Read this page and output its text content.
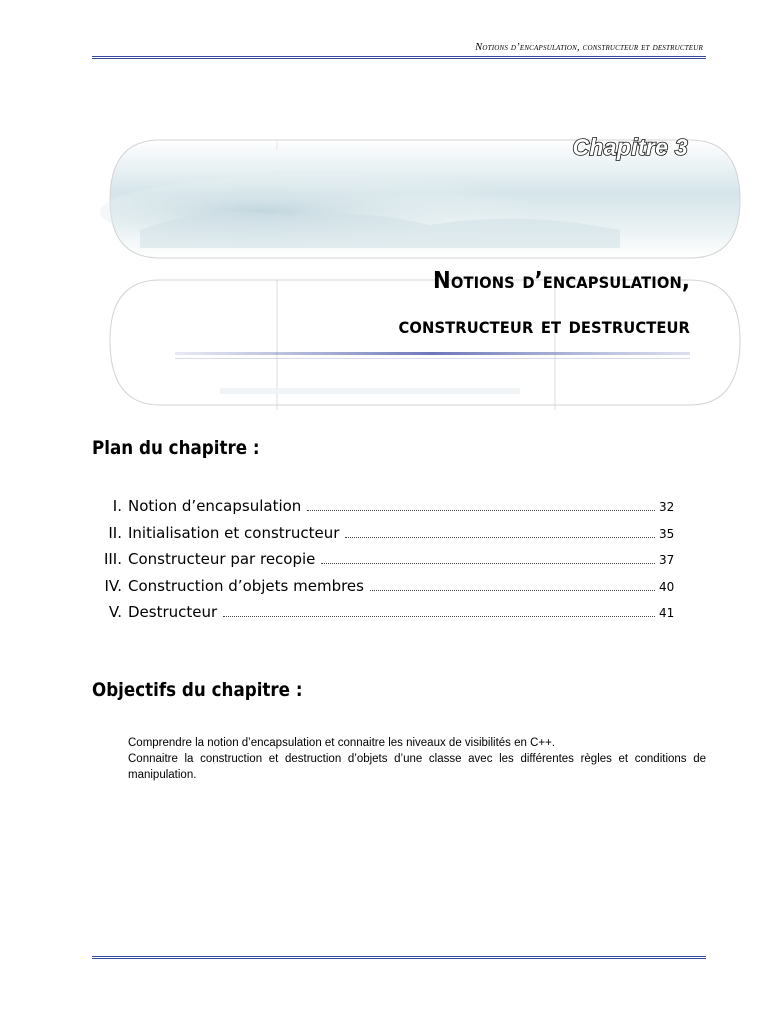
Notions d’encapsulation, constructeur et destructeur
Chapitre 3
Notions d’encapsulation,
constructeur et destructeur
Plan du chapitre :
I. Notion d’encapsulation	32
II. Initialisation et constructeur	35
III. Constructeur par recopie	37
IV. Construction d’objets membres	40
V. Destructeur	41
Objectifs du chapitre :

Comprendre la notion d’encapsulation et connaitre les niveaux de visibilités en C++.

Connaitre la construction et destruction d’objets d’une classe avec les différentes règles et conditions de manipulation.
